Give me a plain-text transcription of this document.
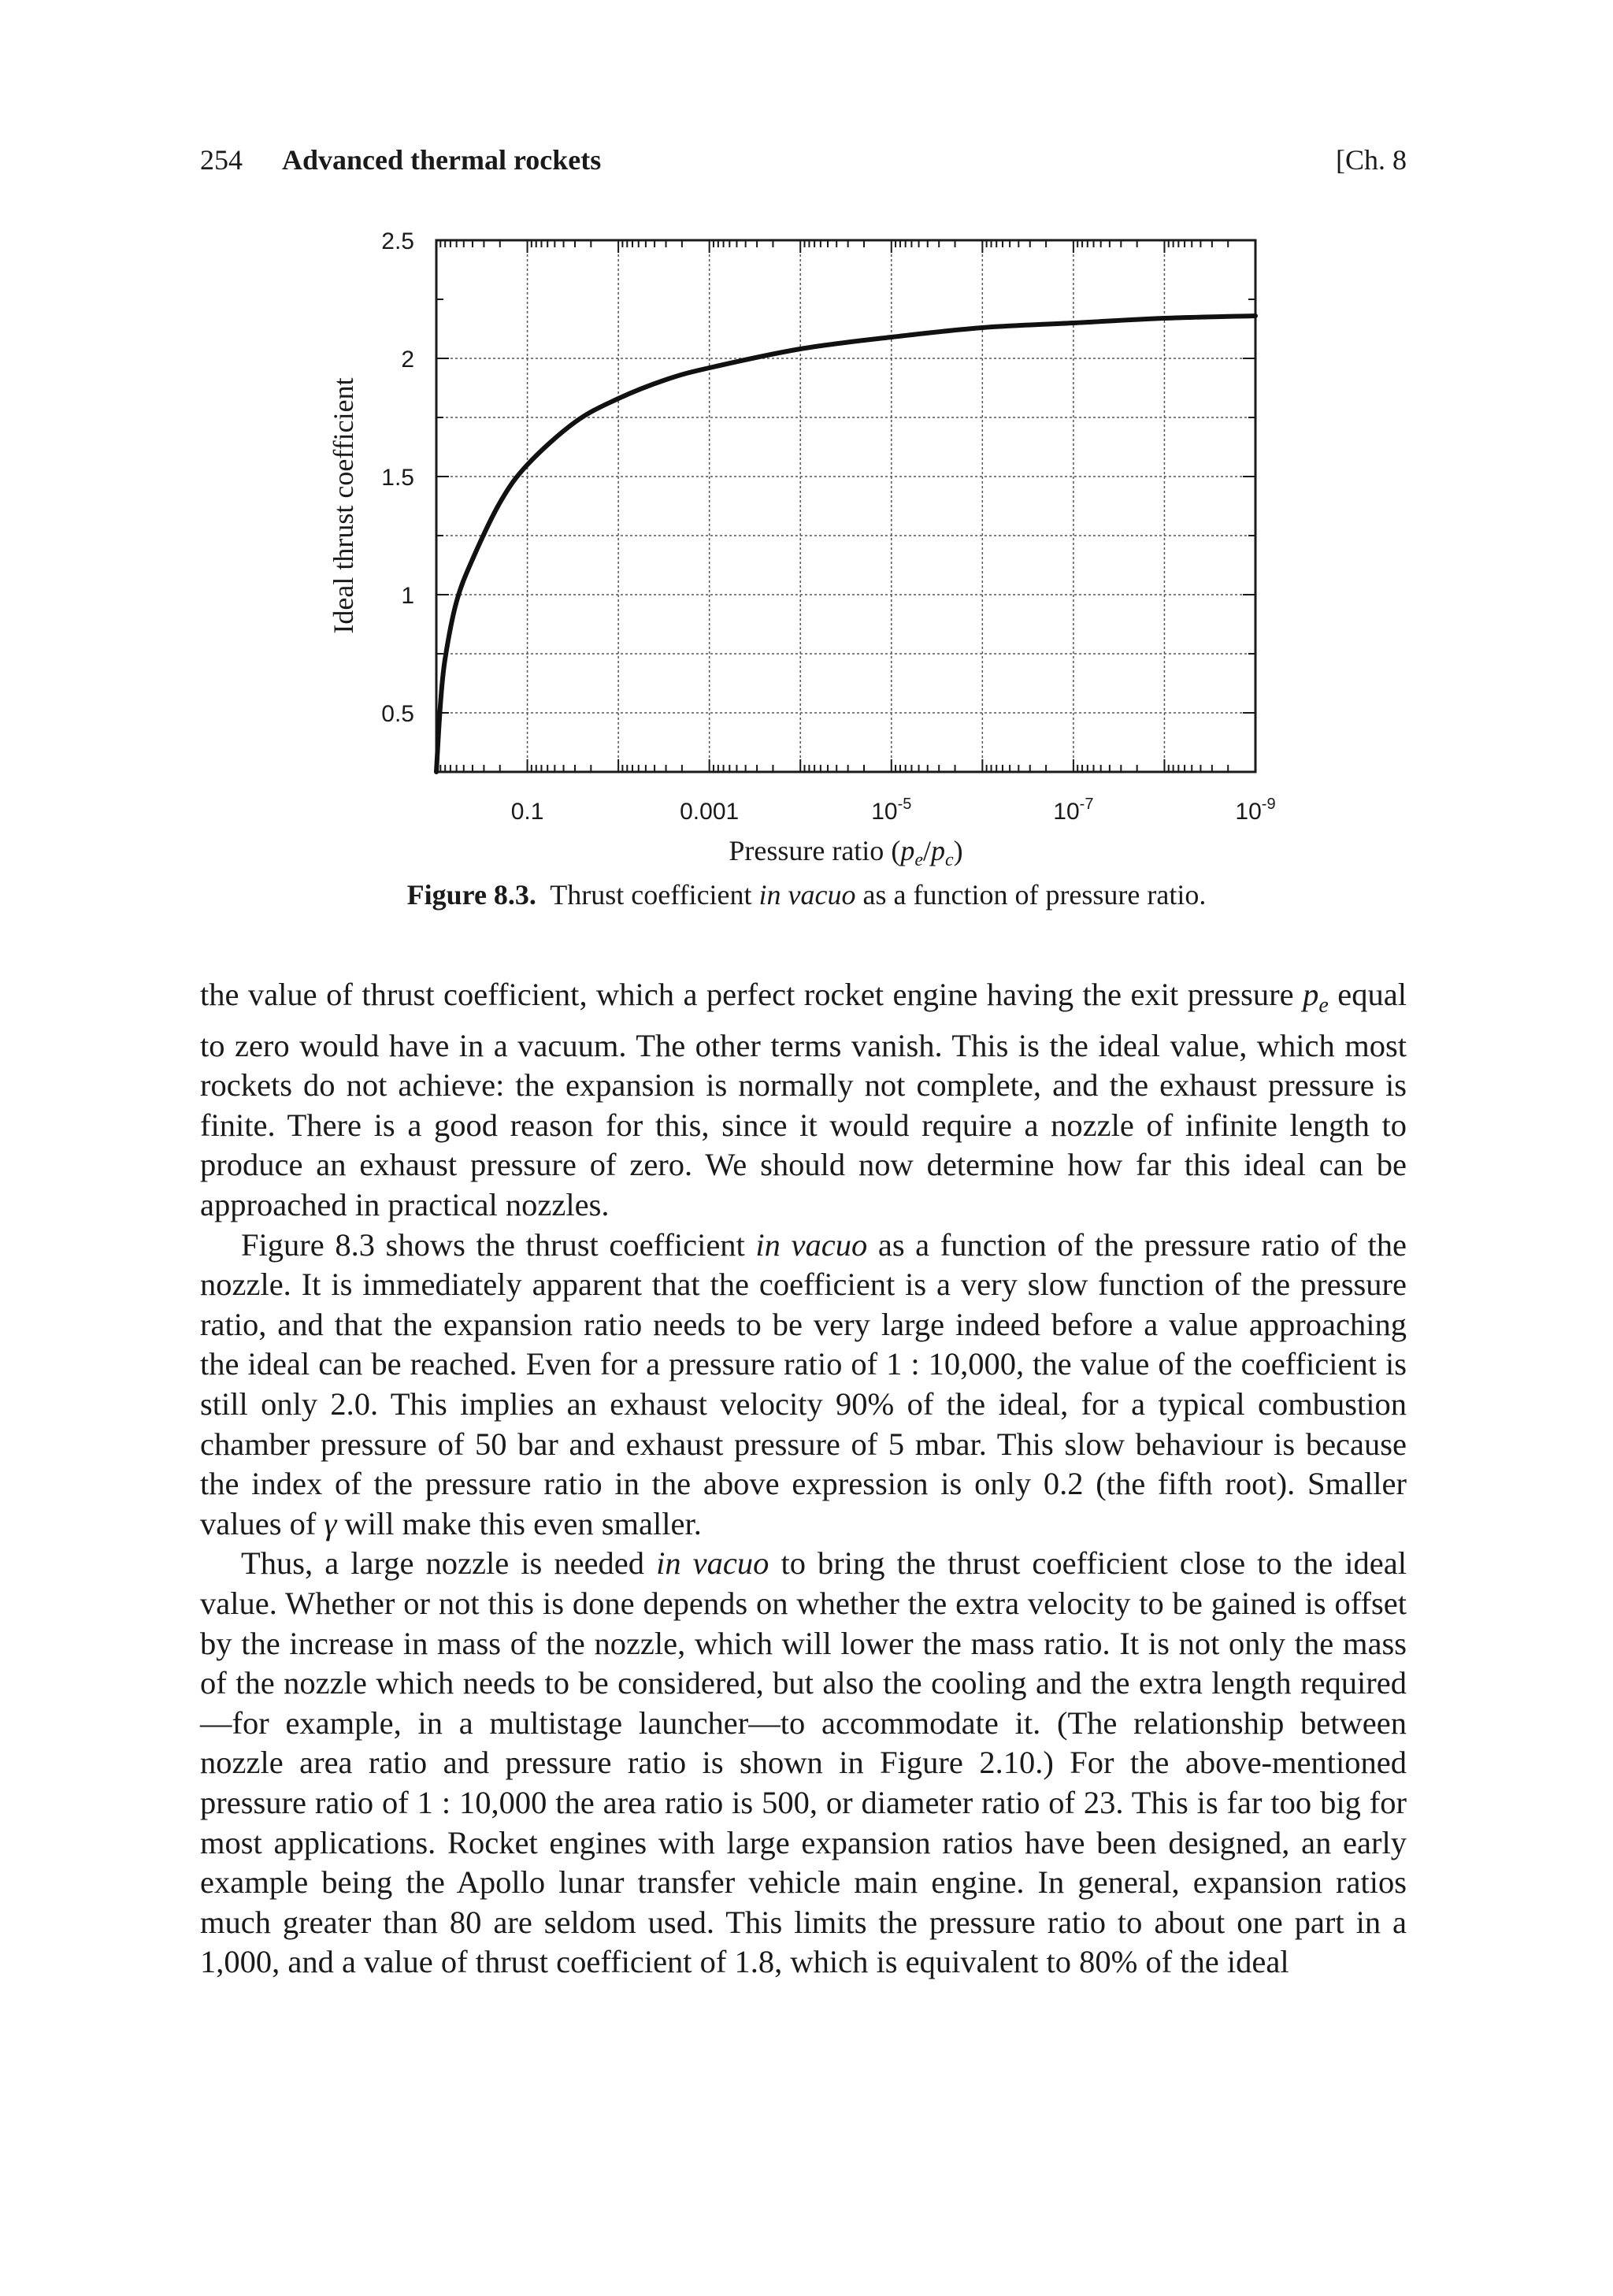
254 Advanced thermal rockets	[Ch. 8
0.5
1
1.5
2
2.5
0.1	0.001	$10^{-5}$	$10^{-7}$	$10^{-9}$
Ideal thrust coefficient
Pressure ratio (pe/pc)
Figure 8.3. Thrust coefficient in vacuo as a function of pressure ratio.

the value of thrust coefficient, which a perfect rocket engine having the exit pressure $p_e$ equal to zero would have in a vacuum. The other terms vanish. This is the ideal value, which most rockets do not achieve: the expansion is normally not complete, and the exhaust pressure is finite. There is a good reason for this, since it would require a nozzle of infinite length to produce an exhaust pressure of zero. We should now determine how far this ideal can be approached in practical nozzles.

Figure 8.3 shows the thrust coefficient in vacuo as a function of the pressure ratio of the nozzle. It is immediately apparent that the coefficient is a very slow function of the pressure ratio, and that the expansion ratio needs to be very large indeed before a value approaching the ideal can be reached. Even for a pressure ratio of 1 : 10,000, the value of the coefficient is still only 2.0. This implies an exhaust velocity 90% of the ideal, for a typical combustion chamber pressure of 50 bar and exhaust pressure of 5 mbar. This slow behaviour is because the index of the pressure ratio in the above expression is only 0.2 (the fifth root). Smaller values of γ will make this even smaller.

Thus, a large nozzle is needed in vacuo to bring the thrust coefficient close to the ideal value. Whether or not this is done depends on whether the extra velocity to be gained is offset by the increase in mass of the nozzle, which will lower the mass ratio. It is not only the mass of the nozzle which needs to be considered, but also the cooling and the extra length required—for example, in a multistage launcher—to accommodate it. (The relationship between nozzle area ratio and pressure ratio is shown in Figure 2.10.) For the above-mentioned pressure ratio of 1 : 10,000 the area ratio is 500, or diameter ratio of 23. This is far too big for most applications. Rocket engines with large expansion ratios have been designed, an early example being the Apollo lunar transfer vehicle main engine. In general, expansion ratios much greater than 80 are seldom used. This limits the pressure ratio to about one part in a 1,000, and a value of thrust coefficient of 1.8, which is equivalent to 80% of the ideal
